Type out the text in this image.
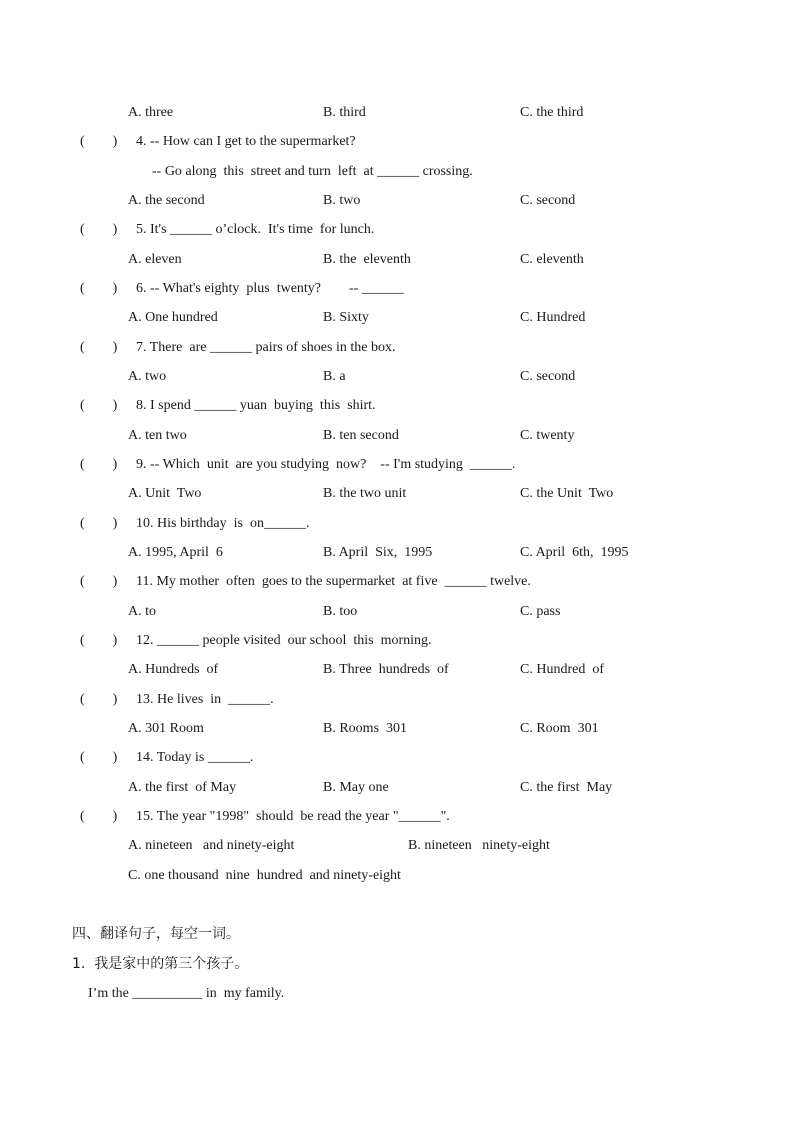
A. three	B. third	C. the third
(　　) 4. -- How can I get to the supermarket?
-- Go along  this  street and turn  left  at ______ crossing.
A. the second	B. two	C. second
(　　) 5. It's ______ o’clock.  It's time  for lunch.
A. eleven	B. the  eleventh	C. eleventh
(　　) 6. -- What's eighty  plus  twenty?        -- ______
A. One hundred	B. Sixty	C. Hundred
(　　) 7. There  are ______ pairs of shoes in the box.
A. two	B. a	C. second
(　　) 8. I spend ______ yuan  buying  this  shirt.
A. ten two	B. ten second	C. twenty
(　　) 9. -- Which  unit  are you studying  now?    -- I'm studying  ______.
A. Unit  Two	B. the two unit	C. the Unit  Two
(　　) 10. His birthday  is  on______.
A. 1995, April  6	B. April  Six,  1995	C. April  6th,  1995
(　　) 11. My mother  often  goes to the supermarket  at five  ______ twelve.
A. to	B. too	C. pass
(　　) 12. ______ people visited  our school  this  morning.
A. Hundreds  of	B. Three  hundreds  of	C. Hundred  of
(　　) 13. He lives  in  ______.
A. 301 Room	B. Rooms  301	C. Room  301
(　　) 14. Today is ______.
A. the first  of May	B. May one	C. the first  May
(　　) 15. The year "1998"  should  be read the year "______".
A. nineteen   and ninety-eight	B. nineteen   ninety-eight
C. one thousand  nine  hundred  and ninety-eight
四、翻译句子，每空一词。
1.  我是家中的第三个孩子。
I’m the __________ in  my family.
